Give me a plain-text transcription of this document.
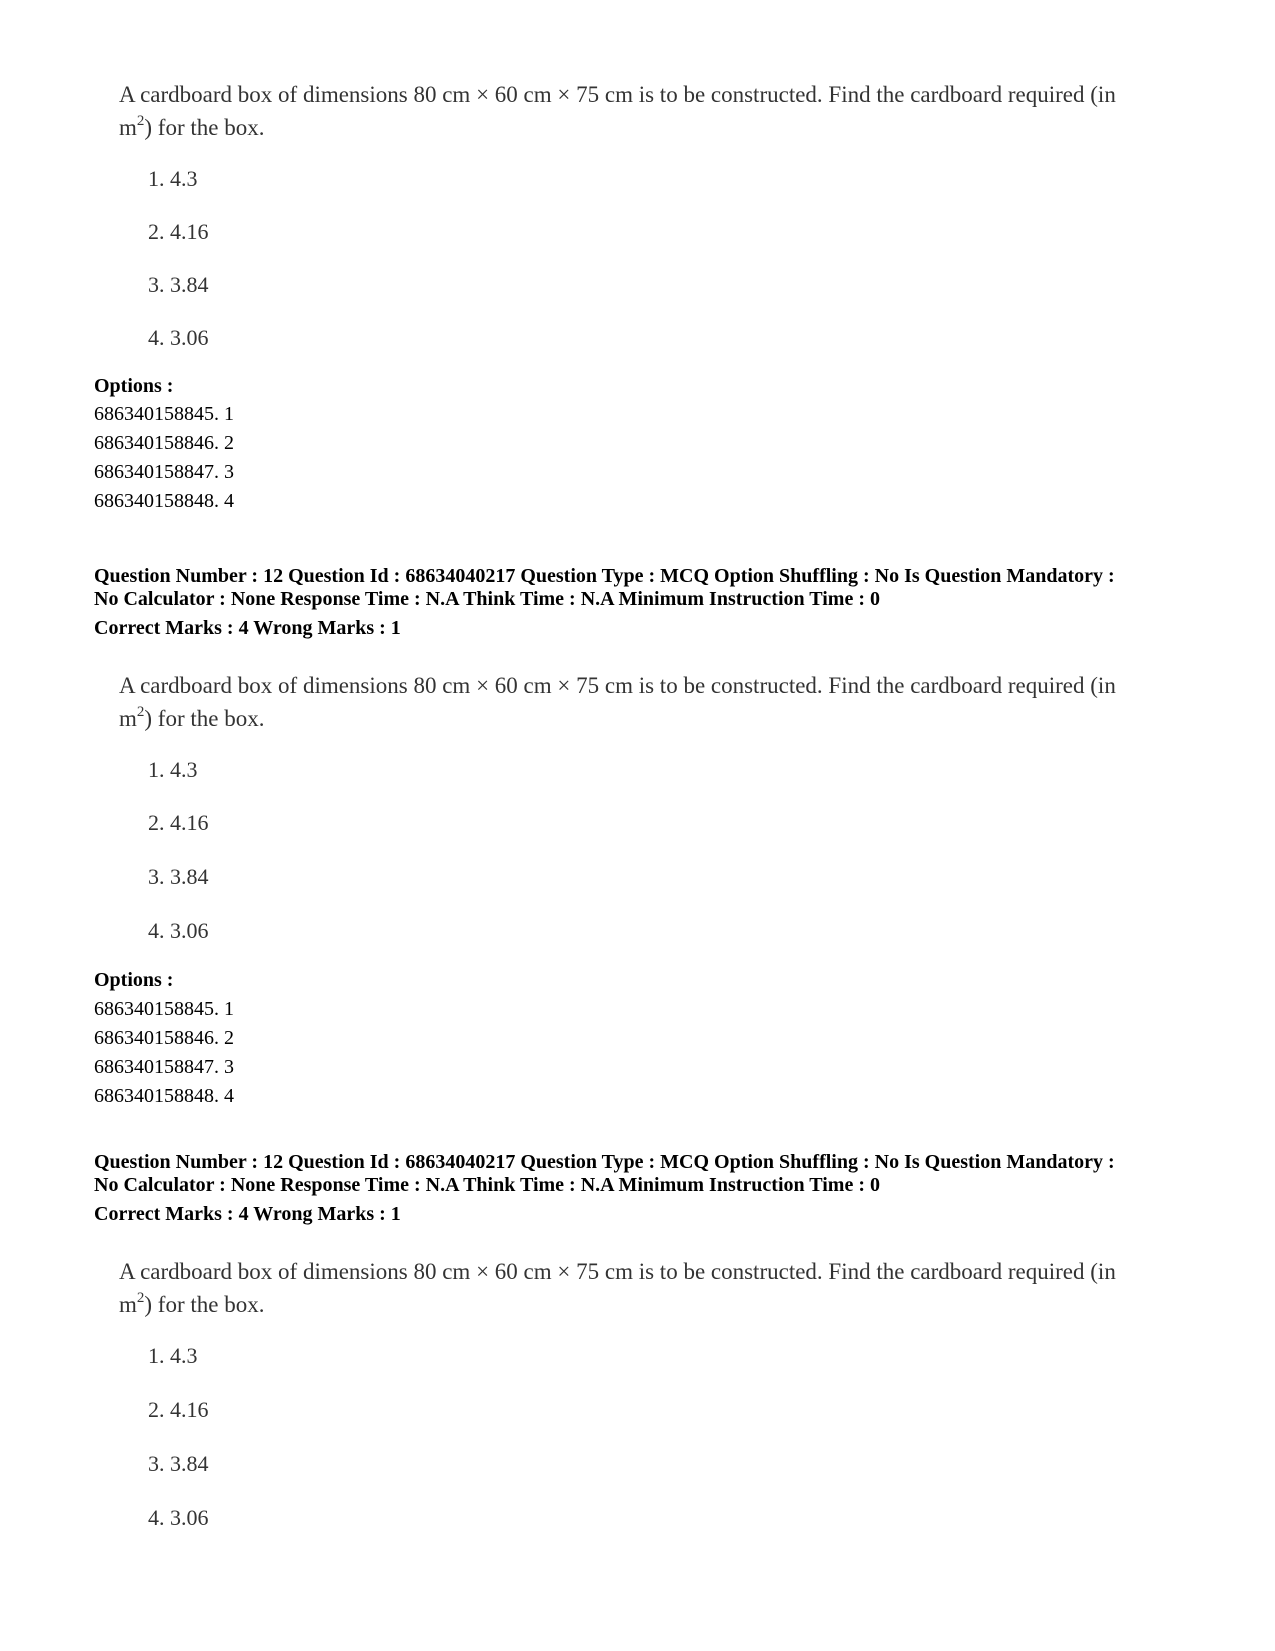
A cardboard box of dimensions 80 cm × 60 cm × 75 cm is to be constructed. Find the cardboard required (in
$m^2$) for the box.
1. 4.3
2. 4.16
3. 3.84
4. 3.06
Options :
686340158845. 1
686340158846. 2
686340158847. 3
686340158848. 4
Question Number : 12 Question Id : 68634040217 Question Type : MCQ Option Shuffling : No Is Question Mandatory :
No Calculator : None Response Time : N.A Think Time : N.A Minimum Instruction Time : 0
Correct Marks : 4 Wrong Marks : 1
A cardboard box of dimensions 80 cm × 60 cm × 75 cm is to be constructed. Find the cardboard required (in
$m^2$) for the box.
1. 4.3
2. 4.16
3. 3.84
4. 3.06
Options :
686340158845. 1
686340158846. 2
686340158847. 3
686340158848. 4
Question Number : 12 Question Id : 68634040217 Question Type : MCQ Option Shuffling : No Is Question Mandatory :
No Calculator : None Response Time : N.A Think Time : N.A Minimum Instruction Time : 0
Correct Marks : 4 Wrong Marks : 1
A cardboard box of dimensions 80 cm × 60 cm × 75 cm is to be constructed. Find the cardboard required (in
$m^2$) for the box.
1. 4.3
2. 4.16
3. 3.84
4. 3.06
